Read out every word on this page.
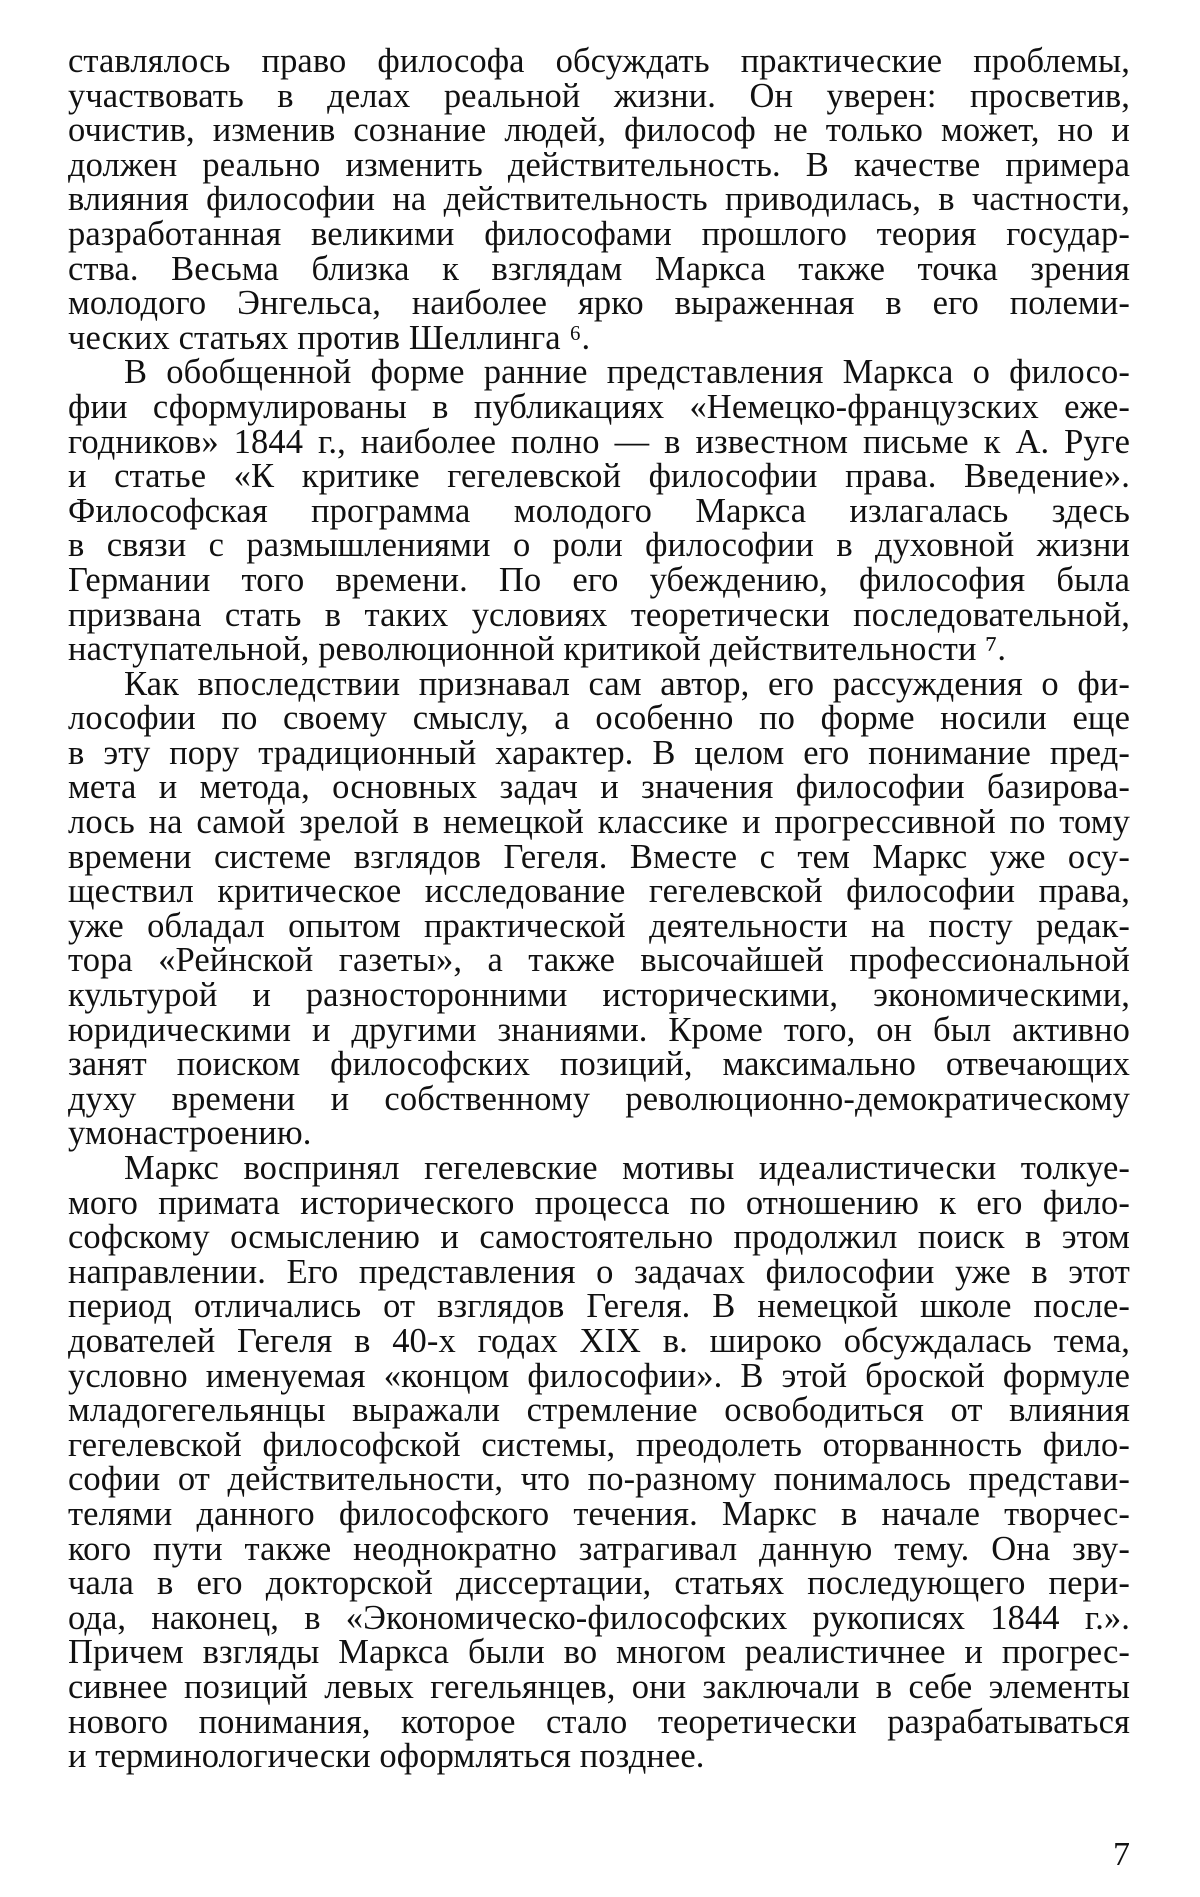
ставлялось право философа обсуждать практические проблемы,
участвовать в делах реальной жизни. Он уверен: просветив,
очистив, изменив сознание людей, философ не только может, но и
должен реально изменить действительность. В качестве примера
влияния философии на действительность приводилась, в частности,
разработанная великими философами прошлого теория государ-
ства. Весьма близка к взглядам Маркса также точка зрения
молодого Энгельса, наиболее ярко выраженная в его полеми-
ческих статьях против Шеллинга ⁶.
В обобщенной форме ранние представления Маркса о филосо-
фии сформулированы в публикациях «Немецко-французских еже-
годников» 1844 г., наиболее полно — в известном письме к А. Руге
и статье «К критике гегелевской философии права. Введение».
Философская программа молодого Маркса излагалась здесь
в связи с размышлениями о роли философии в духовной жизни
Германии того времени. По его убеждению, философия была
призвана стать в таких условиях теоретически последовательной,
наступательной, революционной критикой действительности ⁷.
Как впоследствии признавал сам автор, его рассуждения о фи-
лософии по своему смыслу, а особенно по форме носили еще
в эту пору традиционный характер. В целом его понимание пред-
мета и метода, основных задач и значения философии базирова-
лось на самой зрелой в немецкой классике и прогрессивной по тому
времени системе взглядов Гегеля. Вместе с тем Маркс уже осу-
ществил критическое исследование гегелевской философии права,
уже обладал опытом практической деятельности на посту редак-
тора «Рейнской газеты», а также высочайшей профессиональной
культурой и разносторонними историческими, экономическими,
юридическими и другими знаниями. Кроме того, он был активно
занят поиском философских позиций, максимально отвечающих
духу времени и собственному революционно-демократическому
умонастроению.
Маркс воспринял гегелевские мотивы идеалистически толкуе-
мого примата исторического процесса по отношению к его фило-
софскому осмыслению и самостоятельно продолжил поиск в этом
направлении. Его представления о задачах философии уже в этот
период отличались от взглядов Гегеля. В немецкой школе после-
дователей Гегеля в 40-х годах XIX в. широко обсуждалась тема,
условно именуемая «концом философии». В этой броской формуле
младогегельянцы выражали стремление освободиться от влияния
гегелевской философской системы, преодолеть оторванность фило-
софии от действительности, что по-разному понималось представи-
телями данного философского течения. Маркс в начале творчес-
кого пути также неоднократно затрагивал данную тему. Она зву-
чала в его докторской диссертации, статьях последующего пери-
ода, наконец, в «Экономическо-философских рукописях 1844 г.».
Причем взгляды Маркса были во многом реалистичнее и прогрес-
сивнее позиций левых гегельянцев, они заключали в себе элементы
нового понимания, которое стало теоретически разрабатываться
и терминологически оформляться позднее.
7
